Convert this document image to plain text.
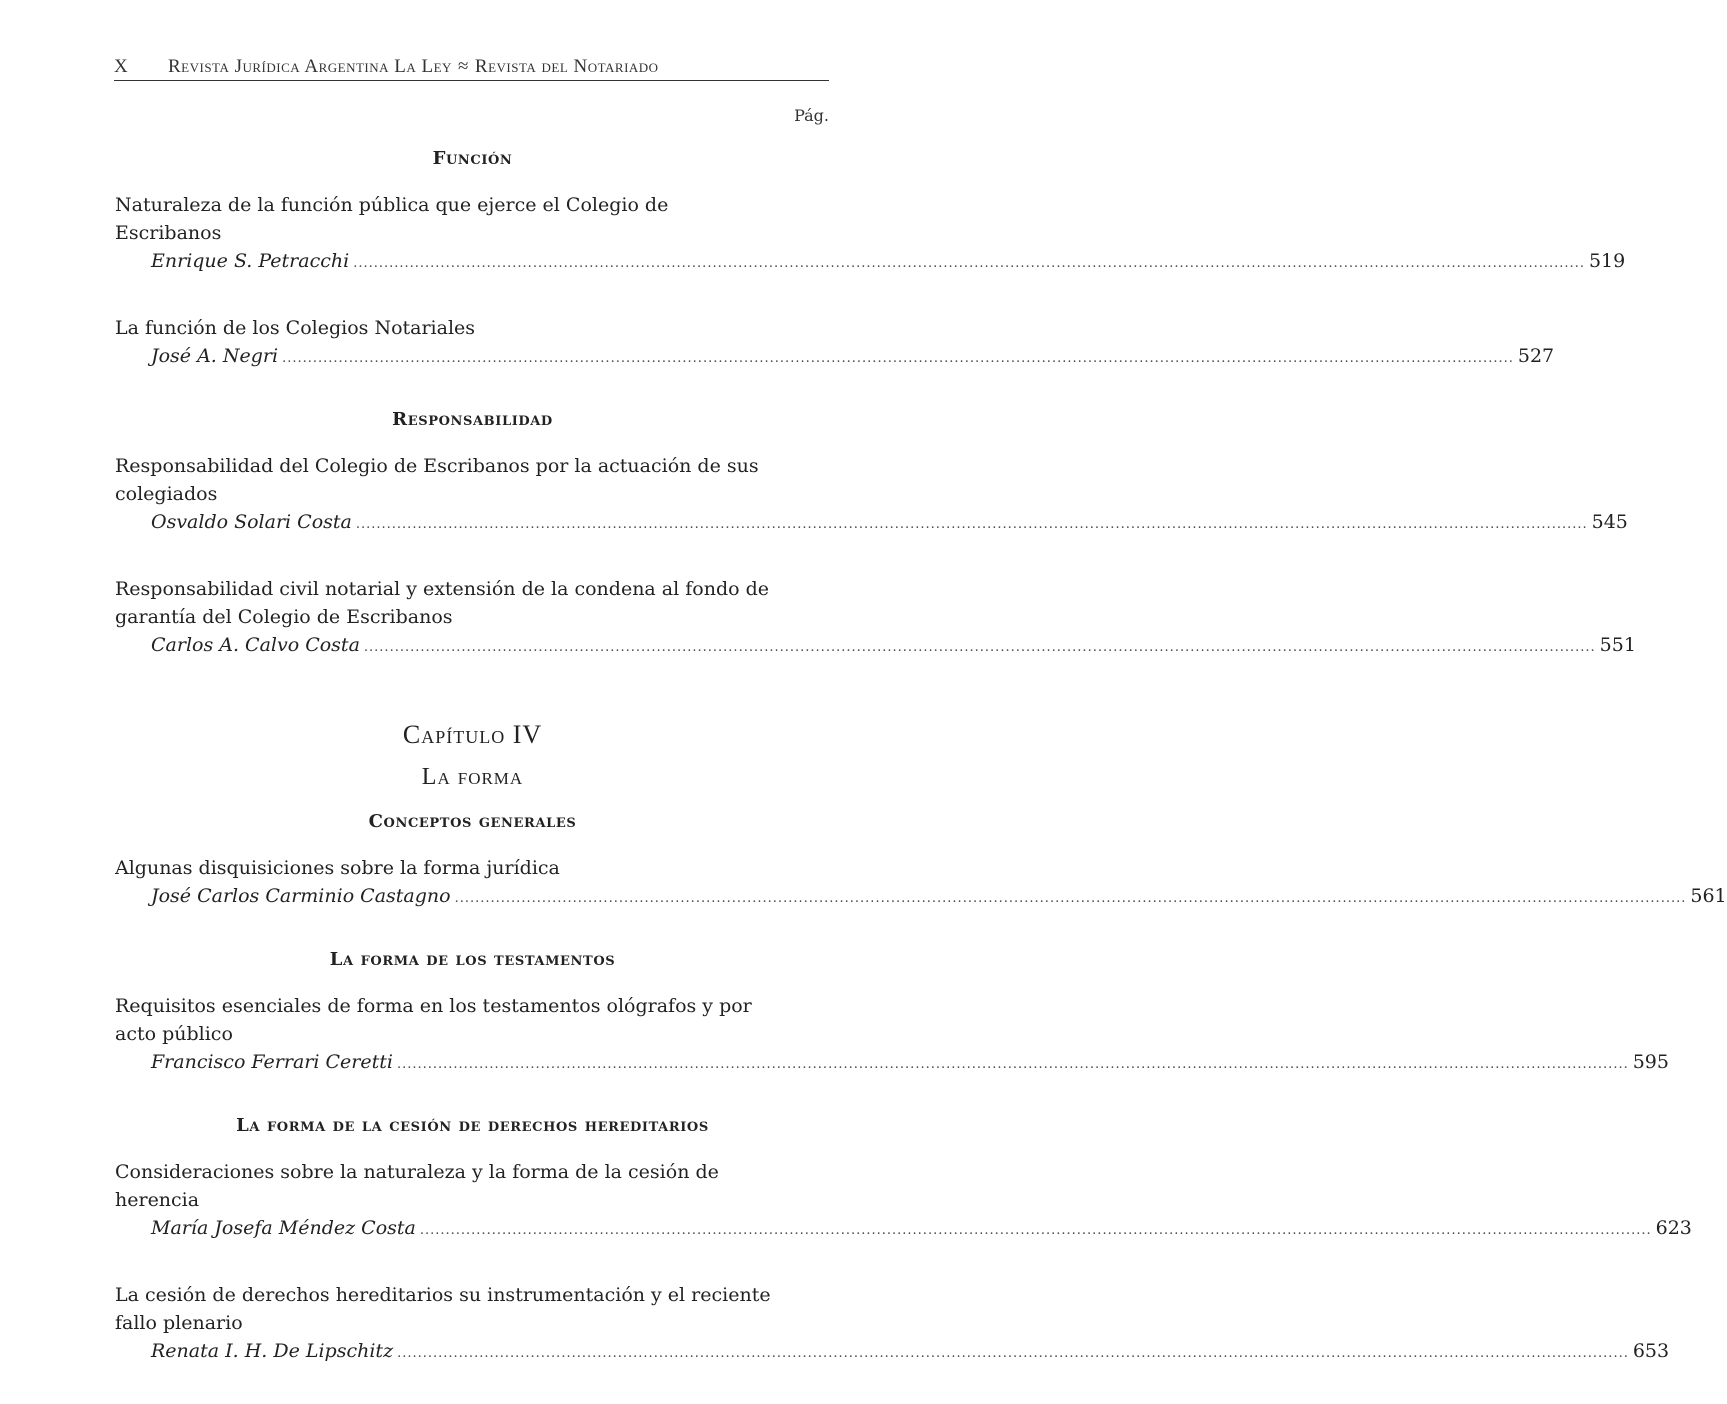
X	Revista Jurídica Argentina La Ley ≈ Revista del Notariado
Pág.
Función
Naturaleza de la función pública que ejerce el Colegio de Escribanos
Enrique S. Petracchi ................................................................................................................................................................................................................................................ 519
La función de los Colegios Notariales
José A. Negri ................................................................................................................................................................................................................................................ 527
Responsabilidad
Responsabilidad del Colegio de Escribanos por la actuación de sus colegiados
Osvaldo Solari Costa ................................................................................................................................................................................................................................................ 545
Responsabilidad civil notarial y extensión de la condena al fondo de garantía del Colegio de Escribanos
Carlos A. Calvo Costa ................................................................................................................................................................................................................................................ 551
Capítulo IV
La forma
Conceptos generales
Algunas disquisiciones sobre la forma jurídica
José Carlos Carminio Castagno ................................................................................................................................................................................................................................................ 561
La forma de los testamentos
Requisitos esenciales de forma en los testamentos ológrafos y por acto público
Francisco Ferrari Ceretti ................................................................................................................................................................................................................................................ 595
La forma de la cesión de derechos hereditarios
Consideraciones sobre la naturaleza y la forma de la cesión de herencia
María Josefa Méndez Costa ................................................................................................................................................................................................................................................ 623
La cesión de derechos hereditarios su instrumentación y el reciente fallo plenario
Renata I. H. De Lipschitz ................................................................................................................................................................................................................................................ 653
